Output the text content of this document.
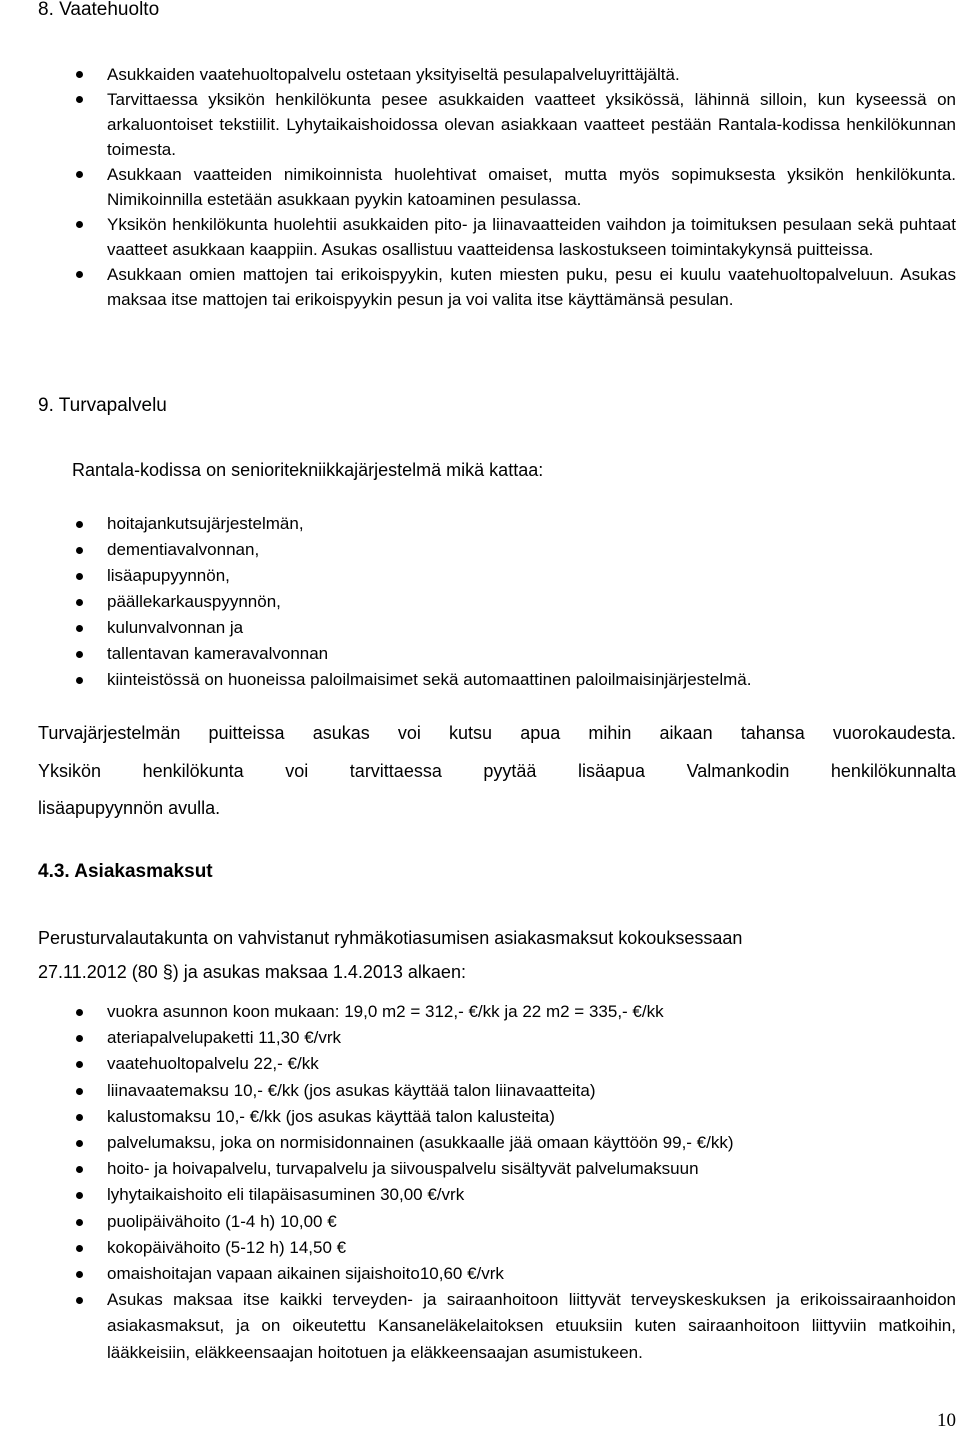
8. Vaatehuolto
Asukkaiden vaatehuoltopalvelu ostetaan yksityiseltä pesulapalveluyrittäjältä.
Tarvittaessa yksikön henkilökunta pesee asukkaiden vaatteet yksikössä, lähinnä silloin, kun kyseessä on arkaluontoiset tekstiilit. Lyhytaikaishoidossa olevan asiakkaan vaatteet pestään Rantala-kodissa henkilökunnan toimesta.
Asukkaan vaatteiden nimikoinnista huolehtivat omaiset, mutta myös sopimuksesta yksikön henkilökunta. Nimikoinnilla estetään asukkaan pyykin katoaminen pesulassa.
Yksikön henkilökunta huolehtii asukkaiden pito- ja liinavaatteiden vaihdon ja toimituksen pesulaan sekä puhtaat vaatteet asukkaan kaappiin. Asukas osallistuu vaatteidensa laskostukseen toimintakykynsä puitteissa.
Asukkaan omien mattojen tai erikoispyykin, kuten miesten puku, pesu ei kuulu vaatehuoltopalveluun. Asukas maksaa itse mattojen tai erikoispyykin pesun ja voi valita itse käyttämänsä pesulan.
9. Turvapalvelu
Rantala-kodissa on senioritekniikkajärjestelmä mikä kattaa:
hoitajankutsujärjestelmän,
dementiavalvonnan,
lisäapupyynnön,
päällekarkauspyynnön,
kulunvalvonnan ja
tallentavan kameravalvonnan
kiinteistössä on huoneissa paloilmaisimet sekä automaattinen paloilmaisinjärjestelmä.
Turvajärjestelmän puitteissa asukas voi kutsu apua mihin aikaan tahansa vuorokaudesta.
Yksikön henkilökunta voi tarvittaessa pyytää lisäapua Valmankodin henkilökunnalta
lisäapupyynnön avulla.
4.3. Asiakasmaksut
Perusturvalautakunta on vahvistanut ryhmäkotiasumisen asiakasmaksut kokouksessaan
27.11.2012 (80 §) ja asukas maksaa 1.4.2013 alkaen:
vuokra asunnon koon mukaan: 19,0 m2 = 312,- €/kk ja 22 m2 = 335,- €/kk
ateriapalvelupaketti 11,30 €/vrk
vaatehuoltopalvelu 22,- €/kk
liinavaatemaksu 10,- €/kk (jos asukas käyttää talon liinavaatteita)
kalustomaksu 10,- €/kk (jos asukas käyttää talon kalusteita)
palvelumaksu, joka on normisidonnainen (asukkaalle jää omaan käyttöön 99,- €/kk)
hoito- ja hoivapalvelu, turvapalvelu ja siivouspalvelu sisältyvät palvelumaksuun
lyhytaikaishoito eli tilapäisasuminen 30,00 €/vrk
puolipäivähoito (1-4 h) 10,00 €
kokopäivähoito (5-12 h) 14,50 €
omaishoitajan vapaan aikainen sijaishoito10,60 €/vrk
Asukas maksaa itse kaikki terveyden- ja sairaanhoitoon liittyvät terveyskeskuksen ja erikoissairaanhoidon asiakasmaksut, ja on oikeutettu Kansaneläkelaitoksen etuuksiin kuten sairaanhoitoon liittyviin matkoihin, lääkkeisiin, eläkkeensaajan hoitotuen ja eläkkeensaajan asumistukeen.
10
